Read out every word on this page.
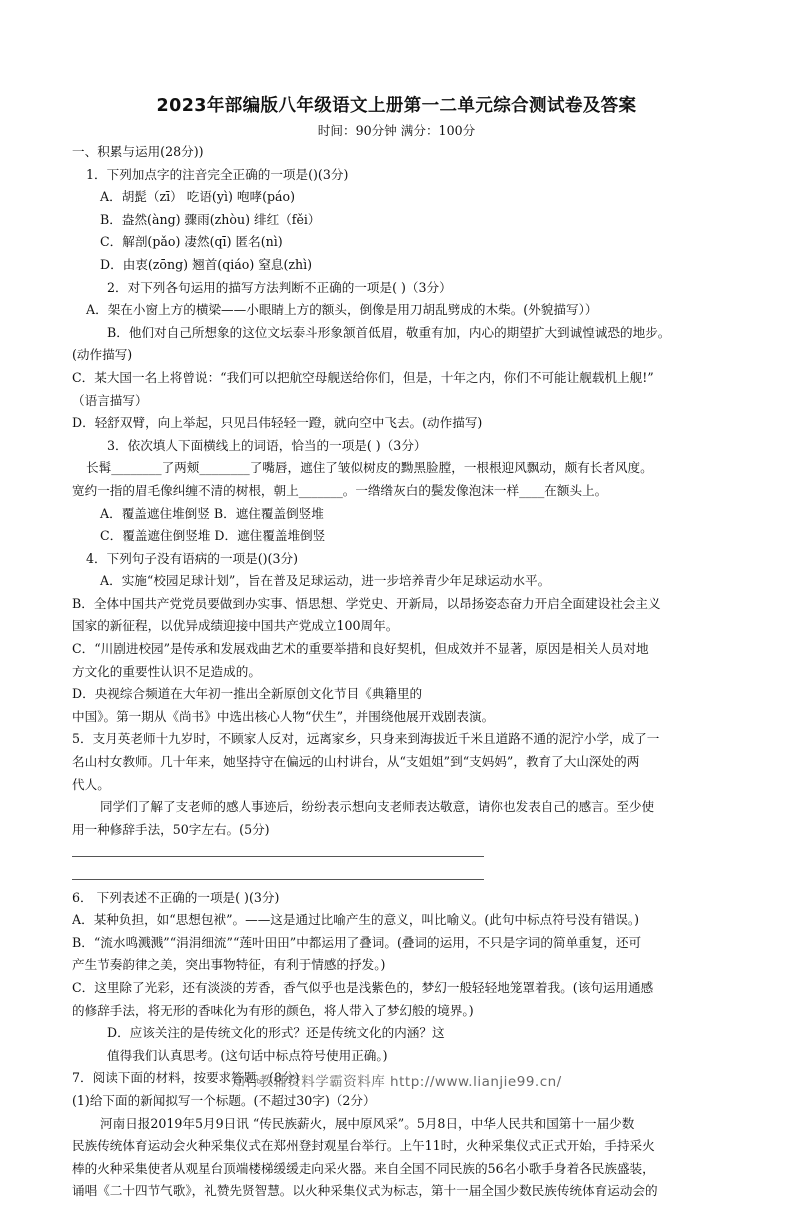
2023年部编版八年级语文上册第一二单元综合测试卷及答案
时间：90分钟 满分：100分
一、积累与运用(28分))
1．下列加点字的注音完全正确的一项是()(3分)
A．胡髭（zī） 吃语(yì) 咆哮(páo)
B．盎然(àng) 骤雨(zhòu) 绯红（fěi）
C．解剖(pǎo) 凄然(qī) 匿名(nì)
D．由衷(zōng) 翘首(qiáo) 窒息(zhì)
2．对下列各句运用的描写方法判断不正确的一项是( )（3分）
A．架在小窗上方的横梁——小眼睛上方的额头，倒像是用刀胡乱劈成的木柴。(外貌描写））
B．他们对自己所想象的这位文坛泰斗形象颔首低眉，敬重有加，内心的期望扩大到诚惶诚恐的地步。
(动作描写)
C．某大国一名上将曾说：“我们可以把航空母舰送给你们，但是，十年之内，你们不可能让舰载机上舰!”
（语言描写）
D．轻舒双臂，向上举起，只见吕伟轻轻一蹬，就向空中飞去。(动作描写)
3．依次填人下面横线上的词语，恰当的一项是( )（3分）
长髯________了两颊________了嘴唇，遮住了皱似树皮的黝黑脸膛，一根根迎风飘动，颇有长者风度。
宽约一指的眉毛像纠缠不清的树根，朝上_______。一绺绺灰白的鬓发像泡沫一样____在额头上。
A．覆盖遮住堆倒竖 B．遮住覆盖倒竖堆
C．覆盖遮住倒竖堆 D．遮住覆盖堆倒竖
4．下列句子没有语病的一项是()(3分)
A．实施“校园足球计划”，旨在普及足球运动，进一步培养青少年足球运动水平。
B．全体中国共产党党员要做到办实事、悟思想、学党史、开新局，以昂扬姿态奋力开启全面建设社会主义
国家的新征程，以优异成绩迎接中国共产党成立100周年。
C．“川剧进校园”是传承和发展戏曲艺术的重要举措和良好契机，但成效并不显著，原因是相关人员对地
方文化的重要性认识不足造成的。
D．央视综合频道在大年初一推出全新原创文化节目《典籍里的
中国》。第一期从《尚书》中选出核心人物“伏生”，并围绕他展开戏剧表演。
5．支月英老师十九岁时，不顾家人反对，远离家乡，只身来到海拔近千米且道路不通的泥泞小学，成了一
名山村女教师。几十年来，她坚持守在偏远的山村讲台，从“支姐姐”到“支妈妈”，教育了大山深处的两
代人。
同学们了解了支老师的感人事迹后，纷纷表示想向支老师表达敬意，请你也发表自己的感言。至少使
用一种修辞手法，50字左右。(5分)
6． 下列表述不正确的一项是( )(3分)
A．某种负担，如“思想包袱”。——这是通过比喻产生的意义，叫比喻义。(此句中标点符号没有错误。)
B．“流水鸣溅溅”“涓涓细流”“莲叶田田”中都运用了叠词。(叠词的运用，不只是字词的简单重复，还可
产生节奏韵律之美，突出事物特征，有利于情感的抒发。)
C．这里除了光彩，还有淡淡的芳香，香气似乎也是浅紫色的，梦幻一般轻轻地笼罩着我。(该句运用通感
的修辞手法，将无形的香味化为有形的颜色，将人带入了梦幻般的境界。)
D．应该关注的是传统文化的形式？还是传统文化的内涵？这
值得我们认真思考。(这句话中标点符号使用正确。)
7．阅读下面的材料，按要求答题。(8分)
(1)给下面的新闻拟写一个标题。(不超过30字)（2分）
河南日报2019年5月9日讯 “传民族薪火，展中原风采”。5月8日，中华人民共和国第十一届少数
民族传统体育运动会火种采集仪式在郑州登封观星台举行。上午11时，火种采集仪式正式开始，手持采火
棒的火种采集使者从观星台顶端楼梯缓缓走向采火器。来自全国不同民族的56名小歌手身着各民族盛装，
诵唱《二十四节气歌》，礼赞先贤智慧。以火种采集仪式为标志，第十一届全国少数民族传统体育运动会的
知行教辅资料学霸资料库 http://www.lianjie99.cn/
